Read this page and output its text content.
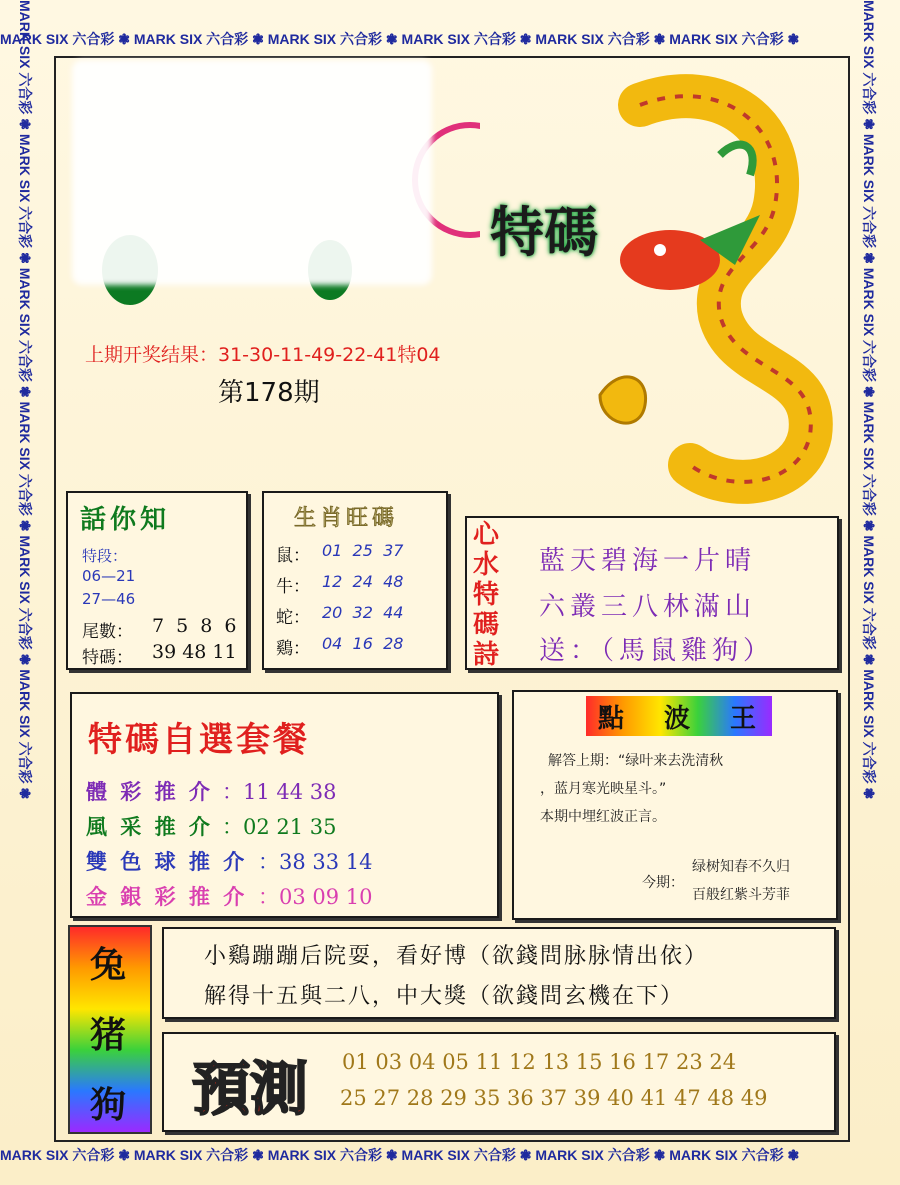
MARK SIX 六合彩 ❃ MARK SIX 六合彩 ❃ MARK SIX 六合彩 ❃ MARK SIX 六合彩 ❃ MARK SIX 六合彩 ❃ MARK SIX 六合彩 ❃
MARK SIX 六合彩 ❃ MARK SIX 六合彩 ❃ MARK SIX 六合彩 ❃ MARK SIX 六合彩 ❃ MARK SIX 六合彩 ❃ MARK SIX 六合彩 ❃
MARK SIX 六合彩 ❃ MARK SIX 六合彩 ❃ MARK SIX 六合彩 ❃ MARK SIX 六合彩 ❃ MARK SIX 六合彩 ❃ MARK SIX 六合彩 ❃	MARK SIX 六合彩 ❃ MARK SIX 六合彩 ❃ MARK SIX 六合彩 ❃ MARK SIX 六合彩 ❃ MARK SIX 六合彩 ❃ MARK SIX 六合彩 ❃
特碼
上期开奖结果：31-30-11-49-22-41特04
第178期
話你知
特段：
06—21
27—46
尾數： 7 5 8 6
特碼： 39 48 11
生肖旺碼
鼠： 01  25  37
牛： 12  24  48
蛇： 20  32  44
鷄： 04  16  28
心水特碼詩
藍天碧海一片晴
六叢三八林滿山
送：（馬鼠雞狗）
特碼自選套餐
體 彩 推 介 ：11 44 38
風 采 推 介 ：02 21 35
雙 色 球 推 介 ：38 33 14
金 銀 彩 推 介 ：03 09 10
點 波 王
解答上期：“绿叶来去洗清秋
，蓝月寒光映星斗。”
本期中埋红波正言。
今期：
绿树知春不久归
百般红紫斗芳菲
兔
猪
狗
小鷄蹦蹦后院耍，看好博（欲錢問脉脉情出依）
解得十五與二八，中大獎（欲錢問玄機在下）
預測 01 03 04 05 11 12 13 15 16 17 23 24
25 27 28 29 35 36 37 39 40 41 47 48 49
